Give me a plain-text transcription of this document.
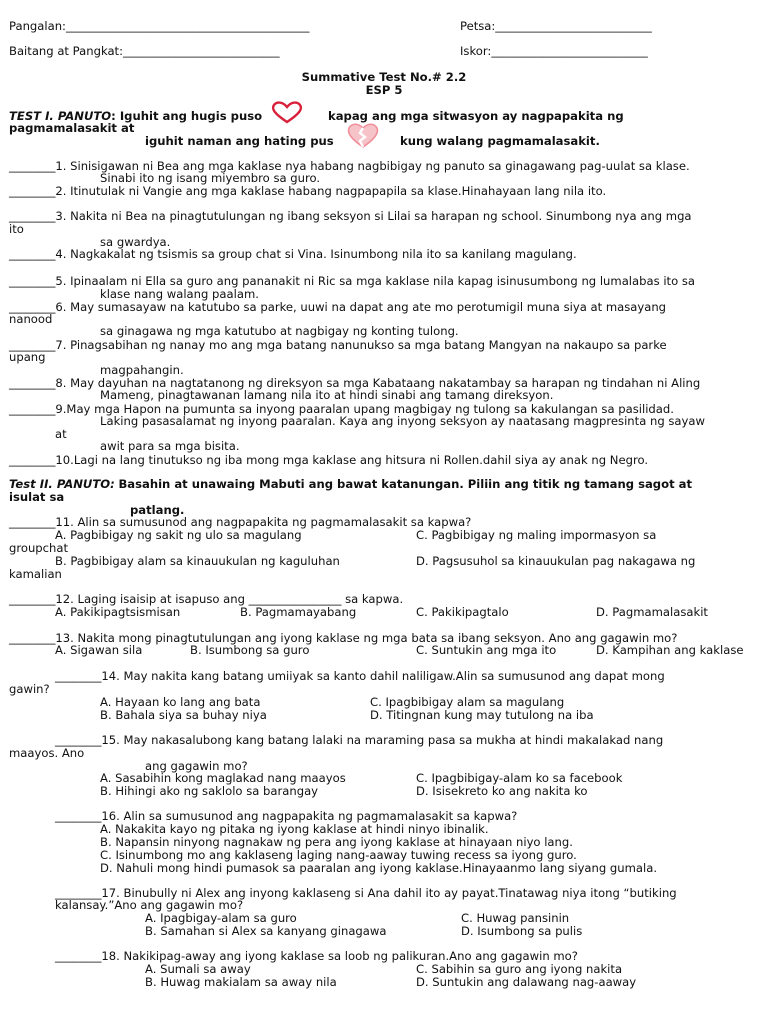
Pangalan:__________________________________________	Petsa:___________________________
Baitang at Pangkat:___________________________	Iskor:___________________________
Summative Test No.# 2.2
ESP 5
TEST I. PANUTO: Iguhit ang hugis puso	kapag ang mga sitwasyon ay nagpapakita ng
pagmamalasakit at
iguhit naman ang hating pus	kung walang pagmamalasakit.
________1. Sinisigawan ni Bea ang mga kaklase nya habang nagbibigay ng panuto sa ginagawang pag-uulat sa klase.
Sinabi ito ng isang miyembro sa guro.
________2. Itinutulak ni Vangie ang mga kaklase habang nagpapapila sa klase.Hinahayaan lang nila ito.
________3. Nakita ni Bea na pinagtutulungan ng ibang seksyon si Lilai sa harapan ng school. Sinumbong nya ang mga
ito
sa gwardya.
________4. Nagkakalat ng tsismis sa group chat si Vina. Isinumbong nila ito sa kanilang magulang.
________5. Ipinaalam ni Ella sa guro ang pananakit ni Ric sa mga kaklase nila kapag isinusumbong ng lumalabas ito sa
klase nang walang paalam.
________6. May sumasayaw na katutubo sa parke, uuwi na dapat ang ate mo perotumigil muna siya at masayang
nanood
sa ginagawa ng mga katutubo at nagbigay ng konting tulong.
________7. Pinagsabihan ng nanay mo ang mga batang nanunukso sa mga batang Mangyan na nakaupo sa parke
upang
magpahangin.
________8. May dayuhan na nagtatanong ng direksyon sa mga Kabataang nakatambay sa harapan ng tindahan ni Aling
Mameng, pinagtawanan lamang nila ito at hindi sinabi ang tamang direksyon.
________9.May mga Hapon na pumunta sa inyong paaralan upang magbigay ng tulong sa kakulangan sa pasilidad.
Laking pasasalamat ng inyong paaralan. Kaya ang inyong seksyon ay naatasang magpresinta ng sayaw
at
awit para sa mga bisita.
________10.Lagi na lang tinutukso ng iba mong mga kaklase ang hitsura ni Rollen.dahil siya ay anak ng Negro.
Test II. PANUTO: Basahin at unawaing Mabuti ang bawat katanungan. Piliin ang titik ng tamang sagot at
isulat sa
patlang.
________11. Alin sa sumusunod ang nagpapakita ng pagmamalasakit sa kapwa?
A. Pagbibigay ng sakit ng ulo sa magulang	C. Pagbibigay ng maling impormasyon sa
groupchat
B. Pagbibigay alam sa kinauukulan ng kaguluhan	D. Pagsusuhol sa kinauukulan pag nakagawa ng
kamalian
________12. Laging isaisip at isapuso ang ________________ sa kapwa.
A. Pakikipagtsismisan	B. Pagmamayabang	C. Pakikipagtalo	D. Pagmamalasakit
________13. Nakita mong pinagtutulungan ang iyong kaklase ng mga bata sa ibang seksyon. Ano ang gagawin mo?
A. Sigawan sila	B. Isumbong sa guro	C. Suntukin ang mga ito	D. Kampihan ang kaklase
________14. May nakita kang batang umiiyak sa kanto dahil naliligaw.Alin sa sumusunod ang dapat mong
gawin?
A. Hayaan ko lang ang bata	C. Ipagbibigay alam sa magulang
B. Bahala siya sa buhay niya	D. Titingnan kung may tutulong na iba
________15. May nakasalubong kang batang lalaki na maraming pasa sa mukha at hindi makalakad nang
maayos. Ano
ang gagawin mo?
A. Sasabihin kong maglakad nang maayos	C. Ipagbibigay-alam ko sa facebook
B. Hihingi ako ng saklolo sa barangay	D. Isisekreto ko ang nakita ko
________16. Alin sa sumusunod ang nagpapakita ng pagmamalasakit sa kapwa?
A. Nakakita kayo ng pitaka ng iyong kaklase at hindi ninyo ibinalik.
B. Napansin ninyong nagnakaw ng pera ang iyong kaklase at hinayaan niyo lang.
C. Isinumbong mo ang kaklaseng laging nang-aaway tuwing recess sa iyong guro.
D. Nahuli mong hindi pumasok sa paaralan ang iyong kaklase.Hinayaanmo lang siyang gumala.
________17. Binubully ni Alex ang inyong kaklaseng si Ana dahil ito ay payat.Tinatawag niya itong “butiking
kalansay.”Ano ang gagawin mo?
A. Ipagbigay-alam sa guro	C. Huwag pansinin
B. Samahan si Alex sa kanyang ginagawa	D. Isumbong sa pulis
________18. Nakikipag-away ang iyong kaklase sa loob ng palikuran.Ano ang gagawin mo?
A. Sumali sa away	C. Sabihin sa guro ang iyong nakita
B. Huwag makialam sa away nila	D. Suntukin ang dalawang nag-aaway
